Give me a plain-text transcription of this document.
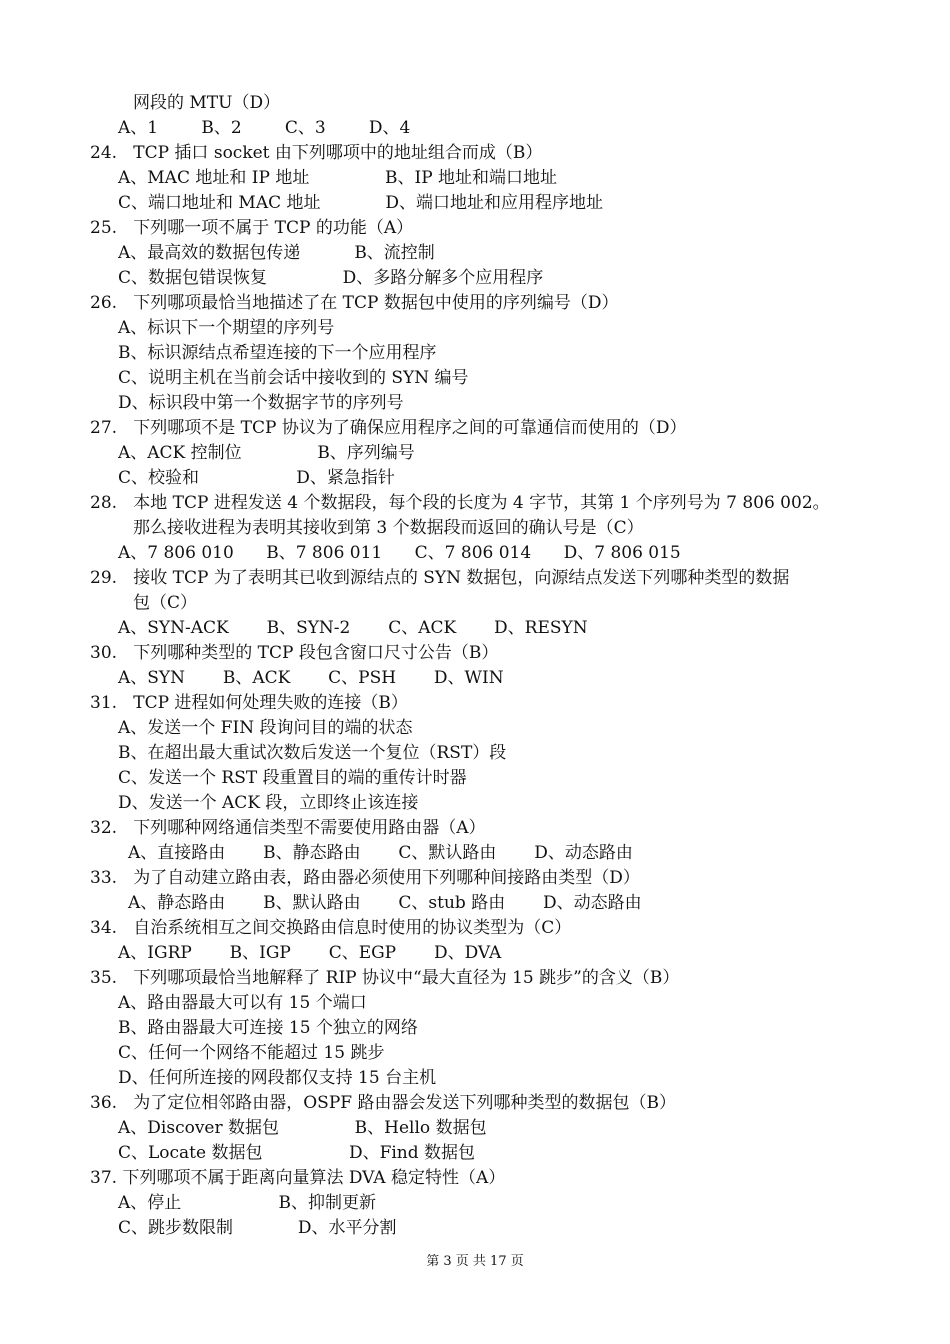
网段的 MTU（D）
A、1        B、2        C、3        D、4
24.   TCP 插口 socket 由下列哪项中的地址组合而成（B）
A、MAC 地址和 IP 地址              B、IP 地址和端口地址
C、端口地址和 MAC 地址            D、端口地址和应用程序地址
25.   下列哪一项不属于 TCP 的功能（A）
A、最高效的数据包传递          B、流控制
C、数据包错误恢复              D、多路分解多个应用程序
26.   下列哪项最恰当地描述了在 TCP 数据包中使用的序列编号（D）
A、标识下一个期望的序列号
B、标识源结点希望连接的下一个应用程序
C、说明主机在当前会话中接收到的 SYN 编号
D、标识段中第一个数据字节的序列号
27.   下列哪项不是 TCP 协议为了确保应用程序之间的可靠通信而使用的（D）
A、ACK 控制位              B、序列编号
C、校验和                  D、紧急指针
28.   本地 TCP 进程发送 4 个数据段，每个段的长度为 4 字节，其第 1 个序列号为 7 806 002。
那么接收进程为表明其接收到第 3 个数据段而返回的确认号是（C）
A、7 806 010      B、7 806 011      C、7 806 014      D、7 806 015
29.   接收 TCP 为了表明其已收到源结点的 SYN 数据包，向源结点发送下列哪种类型的数据
包（C）
A、SYN-ACK       B、SYN-2       C、ACK       D、RESYN
30.   下列哪种类型的 TCP 段包含窗口尺寸公告（B）
A、SYN       B、ACK       C、PSH       D、WIN
31.   TCP 进程如何处理失败的连接（B）
A、发送一个 FIN 段询问目的端的状态
B、在超出最大重试次数后发送一个复位（RST）段
C、发送一个 RST 段重置目的端的重传计时器
D、发送一个 ACK 段，立即终止该连接
32.   下列哪种网络通信类型不需要使用路由器（A）
A、直接路由       B、静态路由       C、默认路由       D、动态路由
33.   为了自动建立路由表，路由器必须使用下列哪种间接路由类型（D）
A、静态路由       B、默认路由       C、stub 路由       D、动态路由
34.   自治系统相互之间交换路由信息时使用的协议类型为（C）
A、IGRP       B、IGP       C、EGP       D、DVA
35.   下列哪项最恰当地解释了 RIP 协议中“最大直径为 15 跳步”的含义（B）
A、路由器最大可以有 15 个端口
B、路由器最大可连接 15 个独立的网络
C、任何一个网络不能超过 15 跳步
D、任何所连接的网段都仅支持 15 台主机
36.   为了定位相邻路由器，OSPF 路由器会发送下列哪种类型的数据包（B）
A、Discover 数据包              B、Hello 数据包
C、Locate 数据包                D、Find 数据包
37. 下列哪项不属于距离向量算法 DVA 稳定特性（A）
A、停止                  B、抑制更新
C、跳步数限制            D、水平分割
第 3 页 共 17 页
